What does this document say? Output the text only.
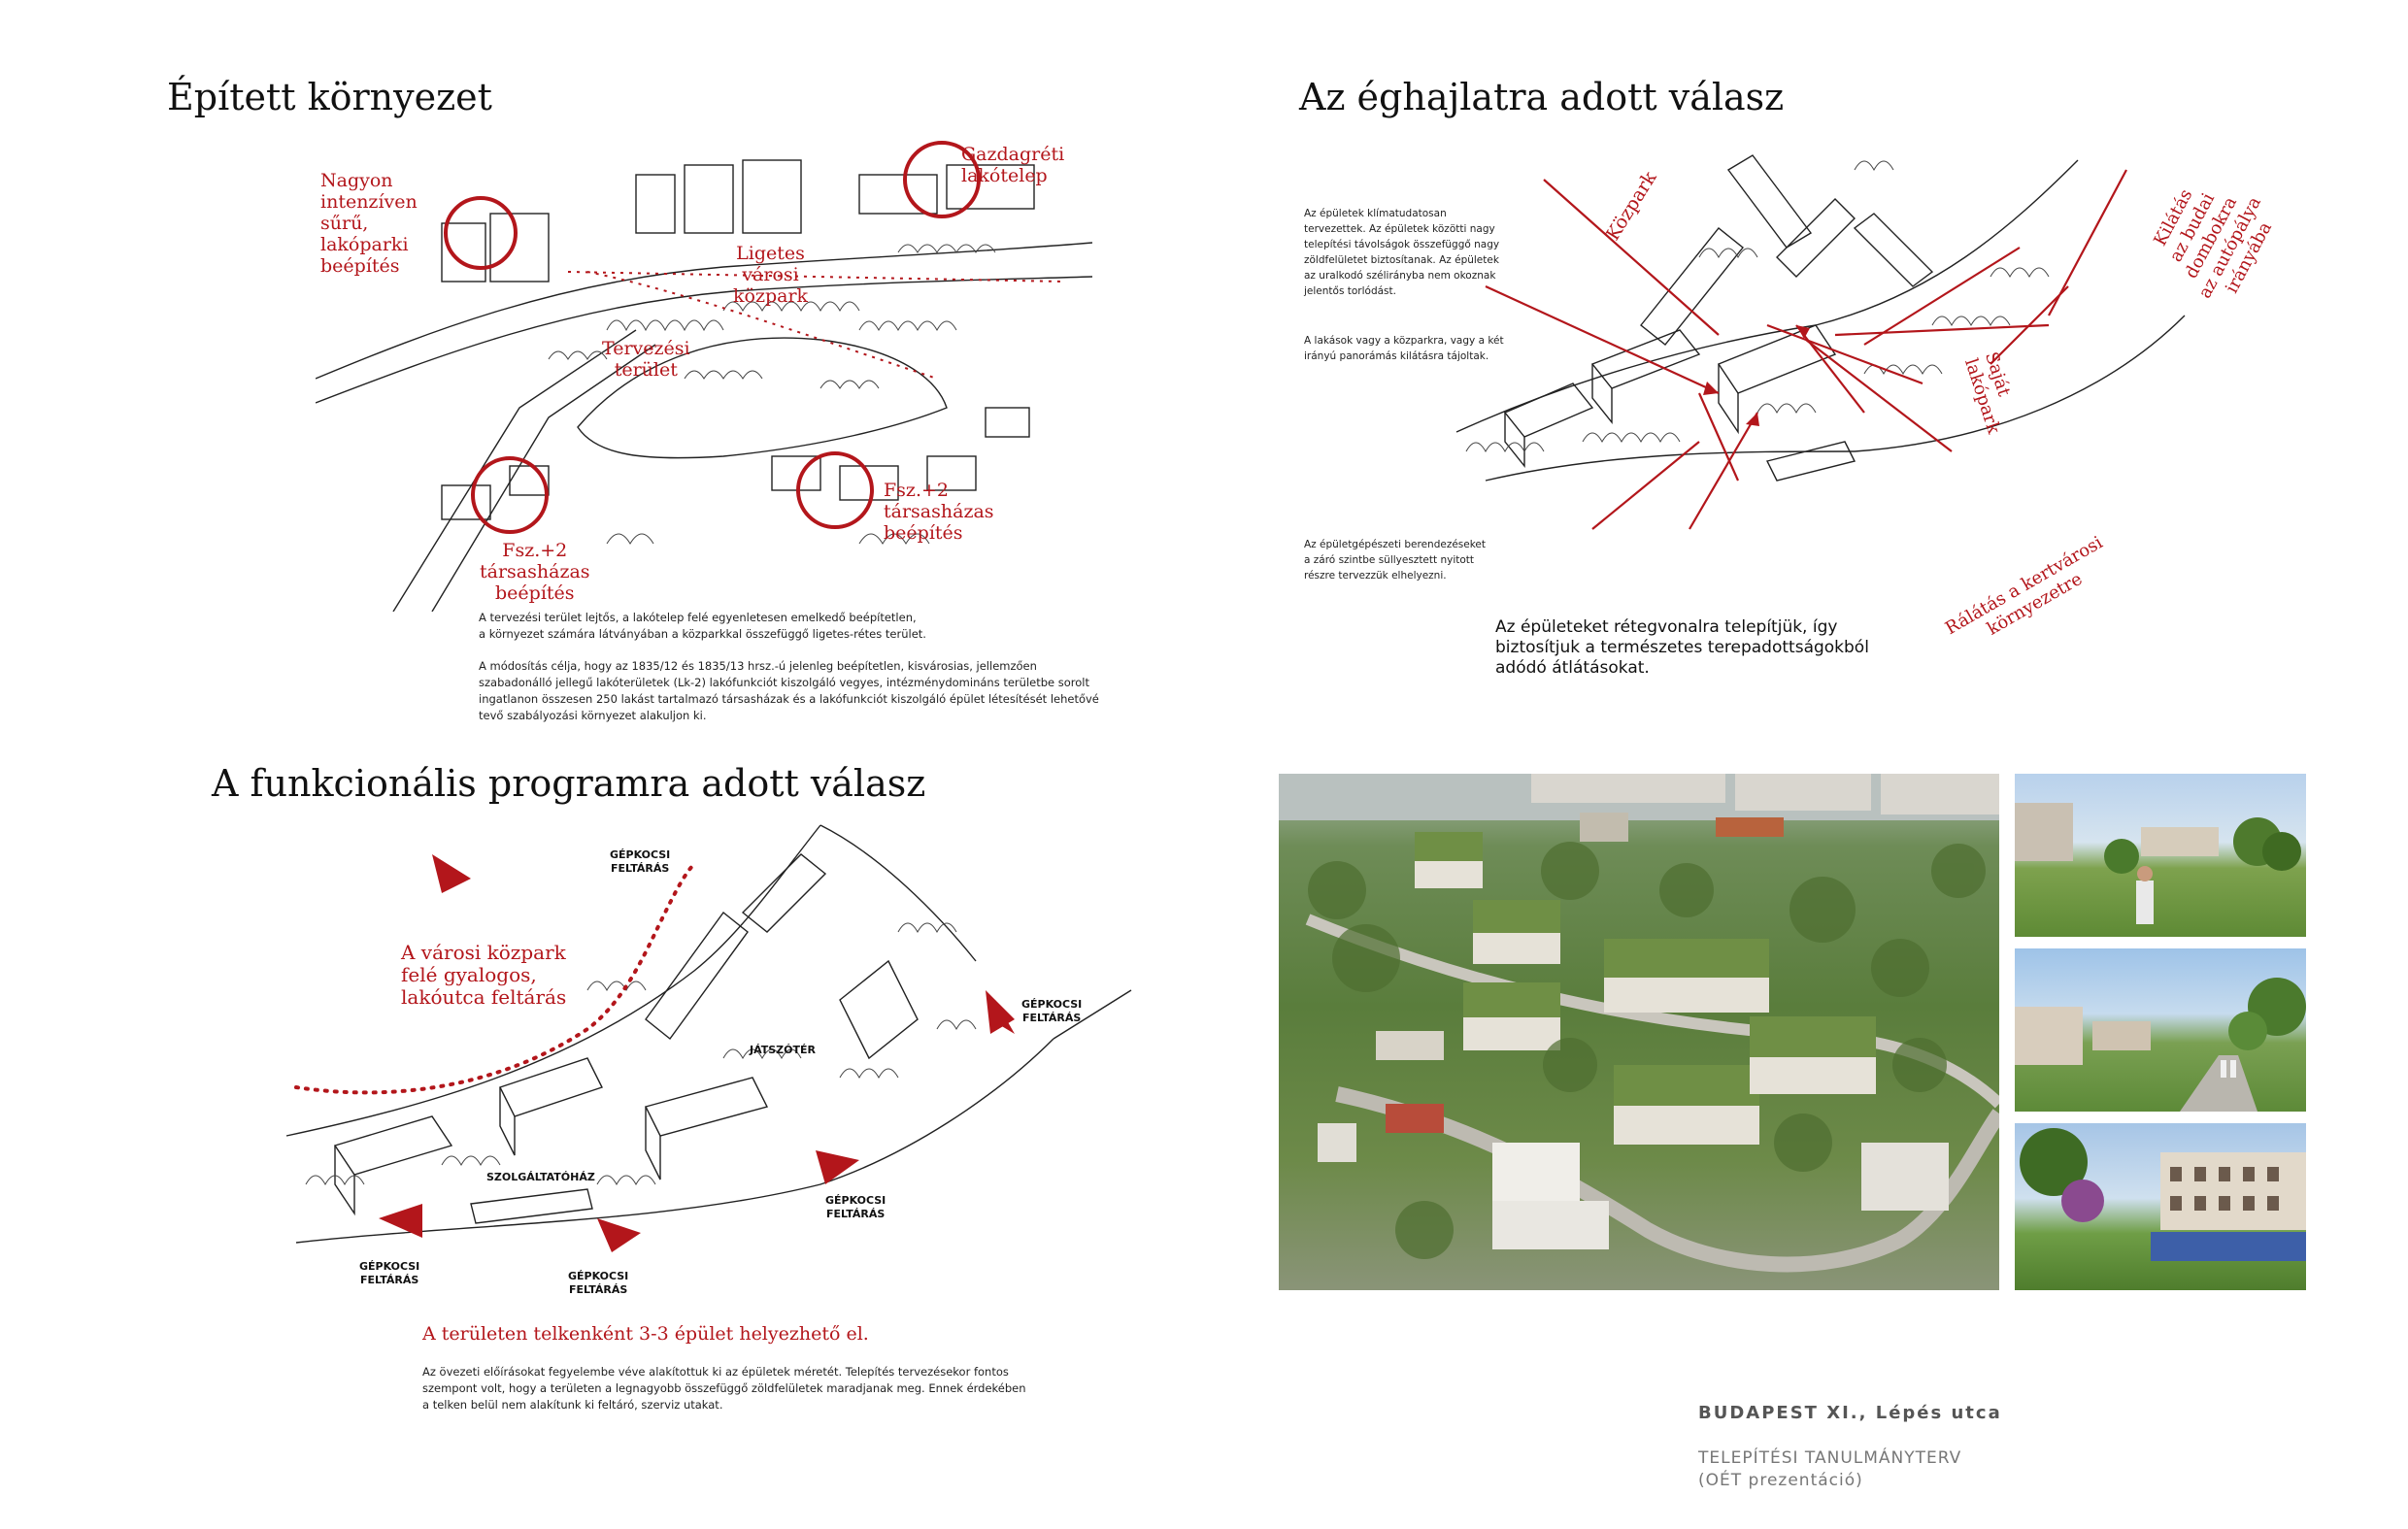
Épített környezet
Nagyon
intenzíven
sűrű,
lakóparki
beépítés
Gazdagréti
lakótelep
Ligetes
városi
közpark
Tervezési
terület
Fsz.+2
társasházas
beépítés
Fsz.+2
társasházas
beépítés
A tervezési terület lejtős, a lakótelep felé egyenletesen emelkedő beépítetlen,
a környezet számára látványában a közparkkal összefüggő ligetes-rétes terület.
A módosítás célja, hogy az 1835/12 és 1835/13 hrsz.-ú jelenleg beépítetlen, kisvárosias, jellemzően
szabadonálló jellegű lakóterületek (Lk-2) lakófunkciót kiszolgáló vegyes, intézménydomináns területbe sorolt
ingatlanon összesen 250 lakást tartalmazó társasházak és a lakófunkciót kiszolgáló épület létesítését lehetővé
tevő szabályozási környezet alakuljon ki.
Az éghajlatra adott válasz
Az épületek klímatudatosan
tervezettek. Az épületek közötti nagy
telepítési távolságok összefüggő nagy
zöldfelületet biztosítanak. Az épületek
az uralkodó szélirányba nem okoznak
jelentős torlódást.
A lakások vagy a közparkra, vagy a két
irányú panorámás kilátásra tájoltak.
Az épületgépészeti berendezéseket
a záró szintbe süllyesztett nyitott
részre tervezzük elhelyezni.
Az épületeket rétegvonalra telepítjük, így
biztosítjuk a természetes terepadottságokból
adódó átlátásokat.
Közpark
Saját
lakópark
Kilátás
az budai
dombokra
az autópálya
irányába
Rálátás a kertvárosi
környezetre
A funkcionális programra adott válasz
A városi közpark
felé gyalogos,
lakóutca feltárás
GÉPKOCSI
FELTÁRÁS
GÉPKOCSI
FELTÁRÁS
GÉPKOCSI
FELTÁRÁS
GÉPKOCSI
FELTÁRÁS	GÉPKOCSI
FELTÁRÁS
JÁTSZÓTÉR
SZOLGÁLTATÓHÁZ
A területen telkenként 3-3 épület helyezhető el.
Az övezeti előírásokat fegyelembe véve alakítottuk ki az épületek méretét. Telepítés tervezésekor fontos
szempont volt, hogy a területen a legnagyobb összefüggő zöldfelületek maradjanak meg. Ennek érdekében
a telken belül nem alakítunk ki feltáró, szerviz utakat.	BUDAPEST XI., Lépés utca
TELEPÍTÉSI TANULMÁNYTERV
(OÉT prezentáció)
